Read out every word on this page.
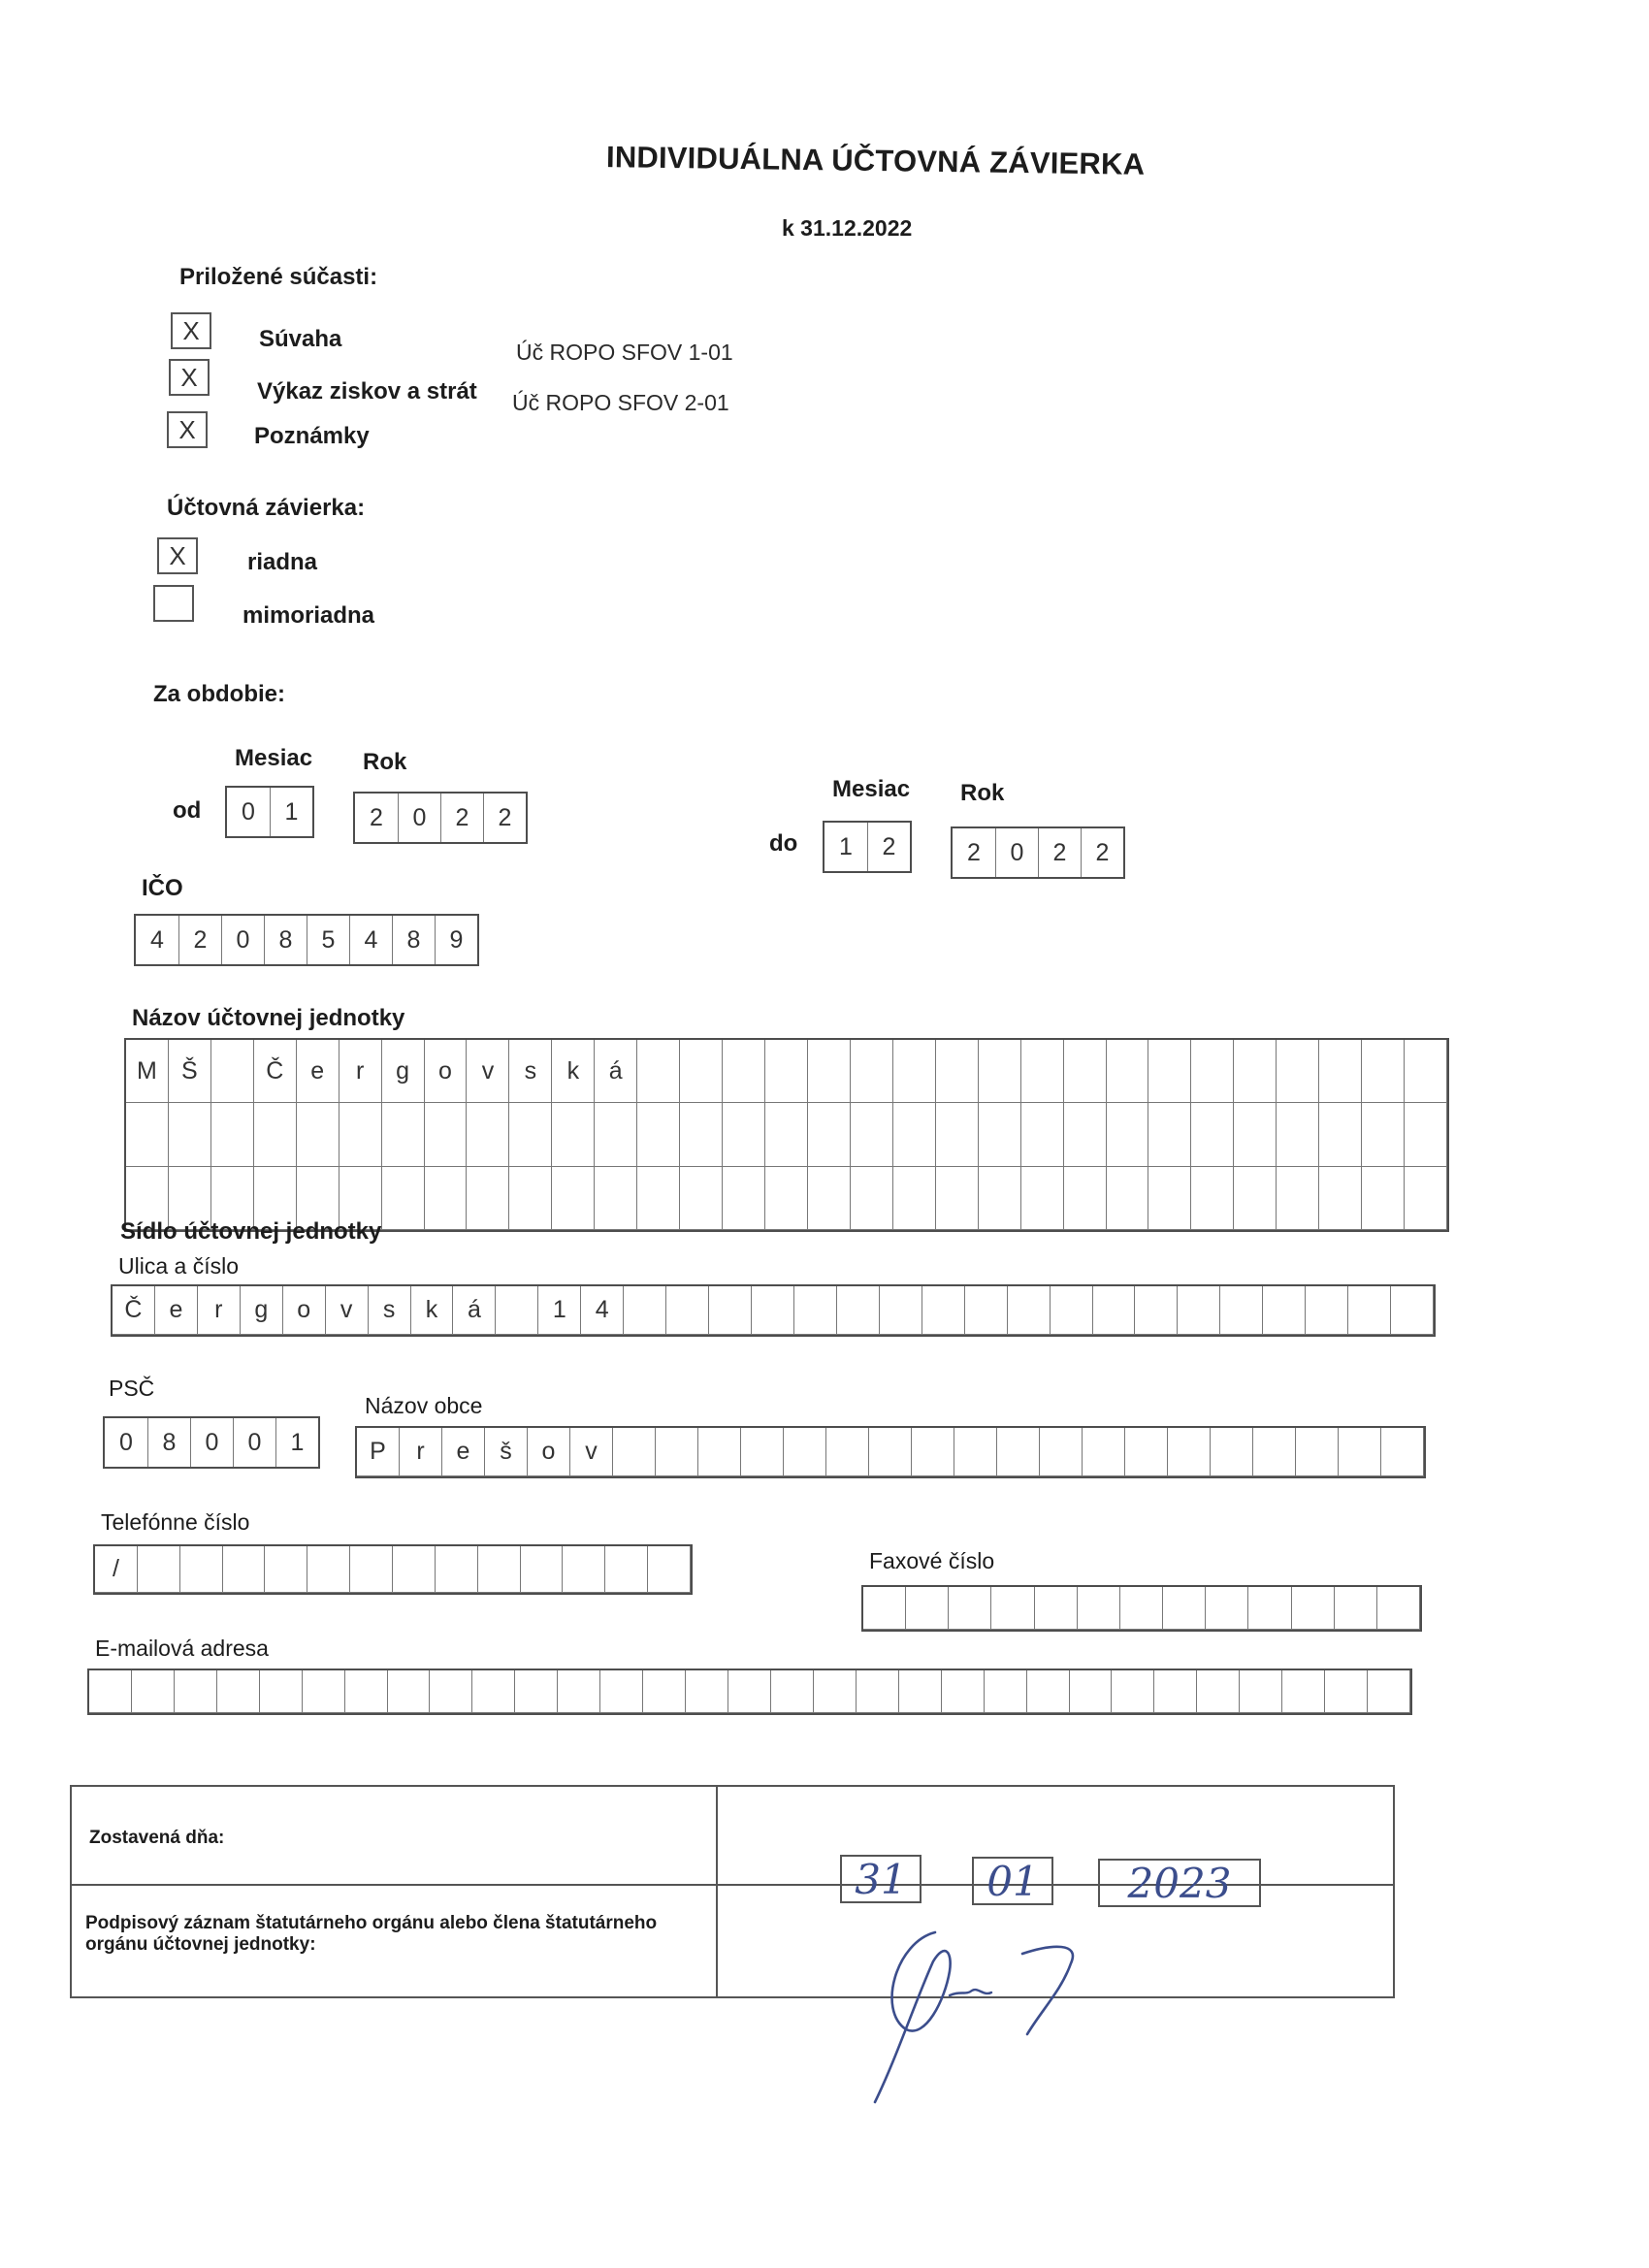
INDIVIDUÁLNA ÚČTOVNÁ ZÁVIERKA
k 31.12.2022
Priložené súčasti:
X	Súvaha	Úč ROPO SFOV 1-01
X	Výkaz ziskov a strát Úč ROPO SFOV 2-01
X	Poznámky
Účtovná závierka:
X	riadna
mimoriadna
Za obdobie:
Mesiac Rok
od	0	1	2	0	2	2
Mesiac Rok
do	1	2	2	0	2	2
IČO
4	2	0	8	5	4	8	9
Názov účtovnej jednotky
M	Š	Č	e	r	g	o	v	s	k	á
Sídlo účtovnej jednotky
Ulica a číslo
Č	e	r	g	o	v	s	k	á	1	4
PSČ
0	8	0	0	1
Názov obce
P	r	e	š	o	v
Telefónne číslo
/	Faxové číslo
E-mailová adresa
Zostavená dňa:
Podpisový záznam štatutárneho orgánu alebo člena štatutárneho orgánu účtovnej jednotky:
31	01	2023
